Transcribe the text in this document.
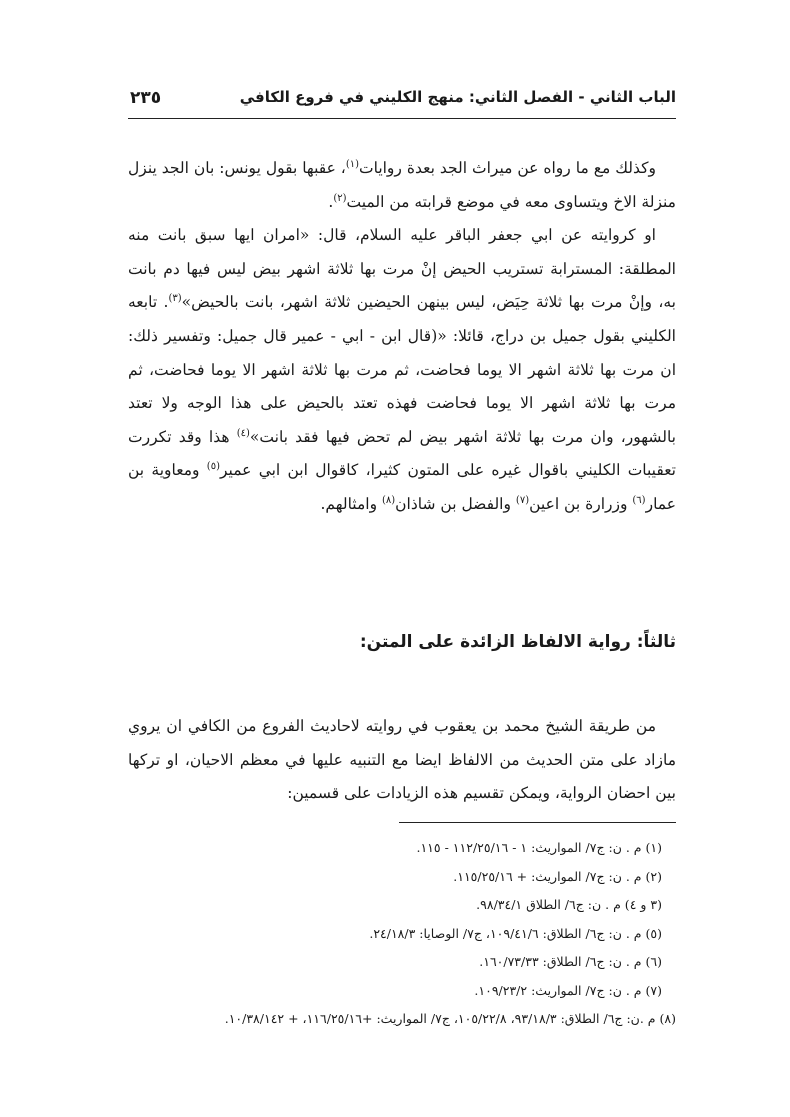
الباب الثاني - الفصل الثاني: منهج الكليني في فروع الكافي
٢٣٥

وكذلك مع ما رواه عن ميراث الجد بعدة روايات$^{(١)}$، عقبها بقول يونس: بان الجد ينزل منزلة الاخ ويتساوى معه في موضع قرابته من الميت$^{(٢)}$.

او كروايته عن ابي جعفر الباقر عليه السلام، قال: «امران ايها سبق بانت منه المطلقة: المسترابة تستريب الحيض إنْ مرت بها ثلاثة اشهر بيض ليس فيها دم بانت به، وإنْ مرت بها ثلاثة حِيَض، ليس بينهن الحيضين ثلاثة اشهر، بانت بالحيض»$^{(٣)}$. تابعه الكليني بقول جميل بن دراج، قائلا: «(قال ابن - ابي - عمير قال جميل: وتفسير ذلك: ان مرت بها ثلاثة اشهر الا يوما فحاضت، ثم مرت بها ثلاثة اشهر الا يوما فحاضت، ثم مرت بها ثلاثة اشهر الا يوما فحاضت فهذه تعتد بالحيض على هذا الوجه ولا تعتد بالشهور، وان مرت بها ثلاثة اشهر بيض لم تحض فيها فقد بانت»$^{(٤)}$ هذا وقد تكررت تعقيبات الكليني باقوال غيره على المتون كثيرا، كاقوال ابن ابي عمير$^{(٥)}$ ومعاوية بن عمار$^{(٦)}$ وزرارة بن اعين$^{(٧)}$ والفضل بن شاذان$^{(٨)}$ وامثالهم.

ثالثاً: رواية الالفاظ الزائدة على المتن:

من طريقة الشيخ محمد بن يعقوب في روايته لاحاديث الفروع من الكافي ان يروي مازاد على متن الحديث من الالفاظ ايضا مع التنبيه عليها في معظم الاحيان، او تركها بين احضان الرواية، ويمكن تقسيم هذه الزيادات على قسمين:

(١) م . ن: ج٧/ المواريث: ١ - ١١٢/٢٥/١٦ - ١١٥.

(٢) م . ن: ج٧/ المواريث: + ١١٥/٢٥/١٦.

(٣ و ٤) م . ن: ج٦/ الطلاق ٩٨/٣٤/١.

(٥) م . ن: ج٦/ الطلاق: ١٠٩/٤١/٦، ج٧/ الوصايا: ٢٤/١٨/٣.

(٦) م . ن: ج٦/ الطلاق: ١٦٠/٧٣/٣٣.

(٧) م . ن: ج٧/ المواريث: ١٠٩/٢٣/٢.

(٨) م .ن: ج٦/ الطلاق: ٩٣/١٨/٣، ١٠٥/٢٢/٨، ج٧/ المواريث: +١١٦/٢٥/١٦، + ١٠/٣٨/١٤٢.
